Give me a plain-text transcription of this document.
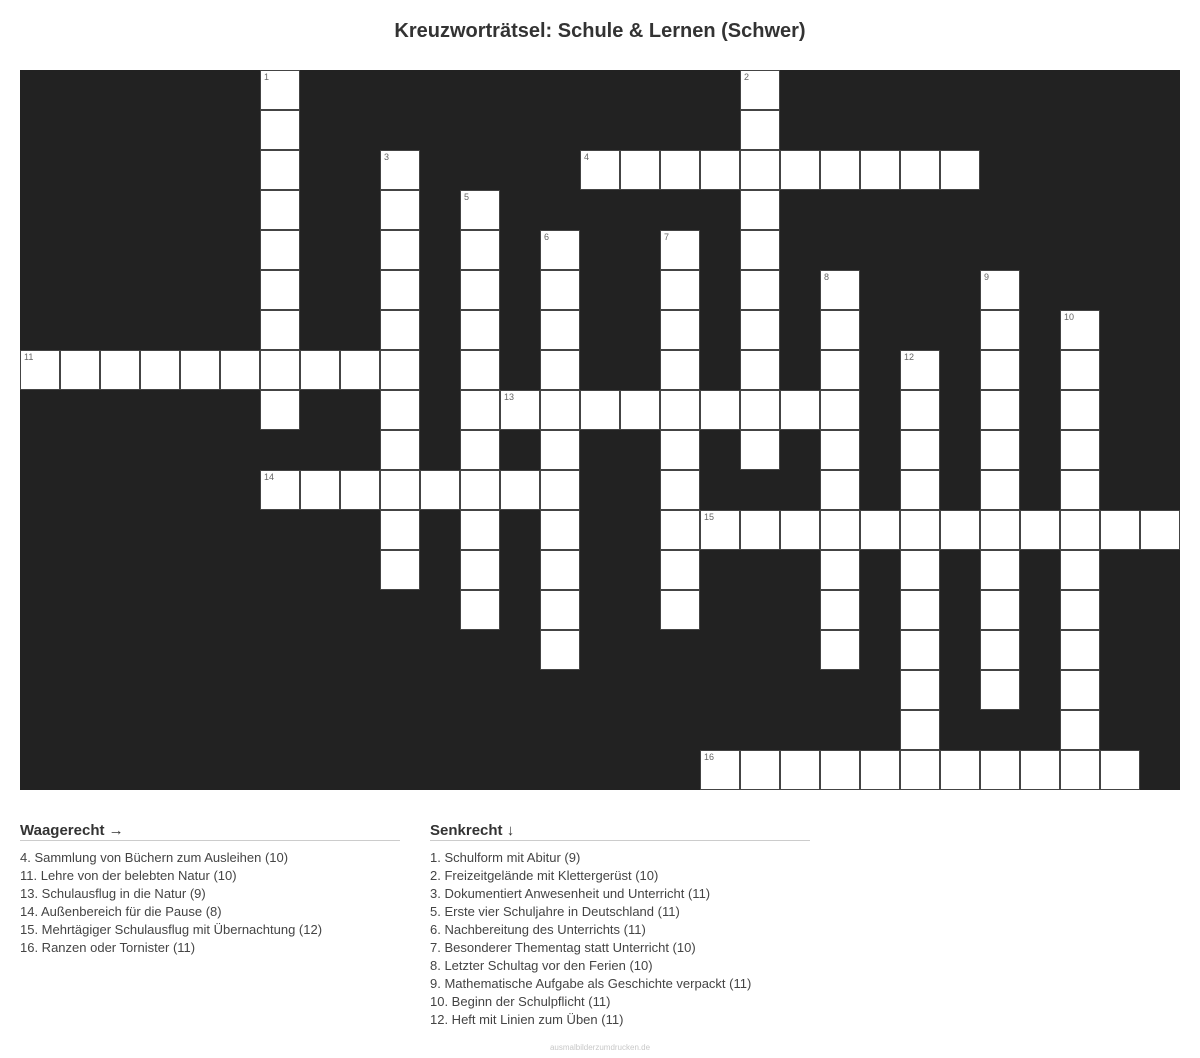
Kreuzworträtsel: Schule & Lernen (Schwer)
1	2
3	4
5
6	7
8	9
10
11	12
13
14
15
16
Waagerecht →
4. Sammlung von Büchern zum Ausleihen (10)
11. Lehre von der belebten Natur (10)
13. Schulausflug in die Natur (9)
14. Außenbereich für die Pause (8)
15. Mehrtägiger Schulausflug mit Übernachtung (12)
16. Ranzen oder Tornister (11)
Senkrecht ↓
1. Schulform mit Abitur (9)
2. Freizeitgelände mit Klettergerüst (10)
3. Dokumentiert Anwesenheit und Unterricht (11)
5. Erste vier Schuljahre in Deutschland (11)
6. Nachbereitung des Unterrichts (11)
7. Besonderer Thementag statt Unterricht (10)
8. Letzter Schultag vor den Ferien (10)
9. Mathematische Aufgabe als Geschichte verpackt (11)
10. Beginn der Schulpflicht (11)
12. Heft mit Linien zum Üben (11)
ausmalbilderzumdrucken.de
